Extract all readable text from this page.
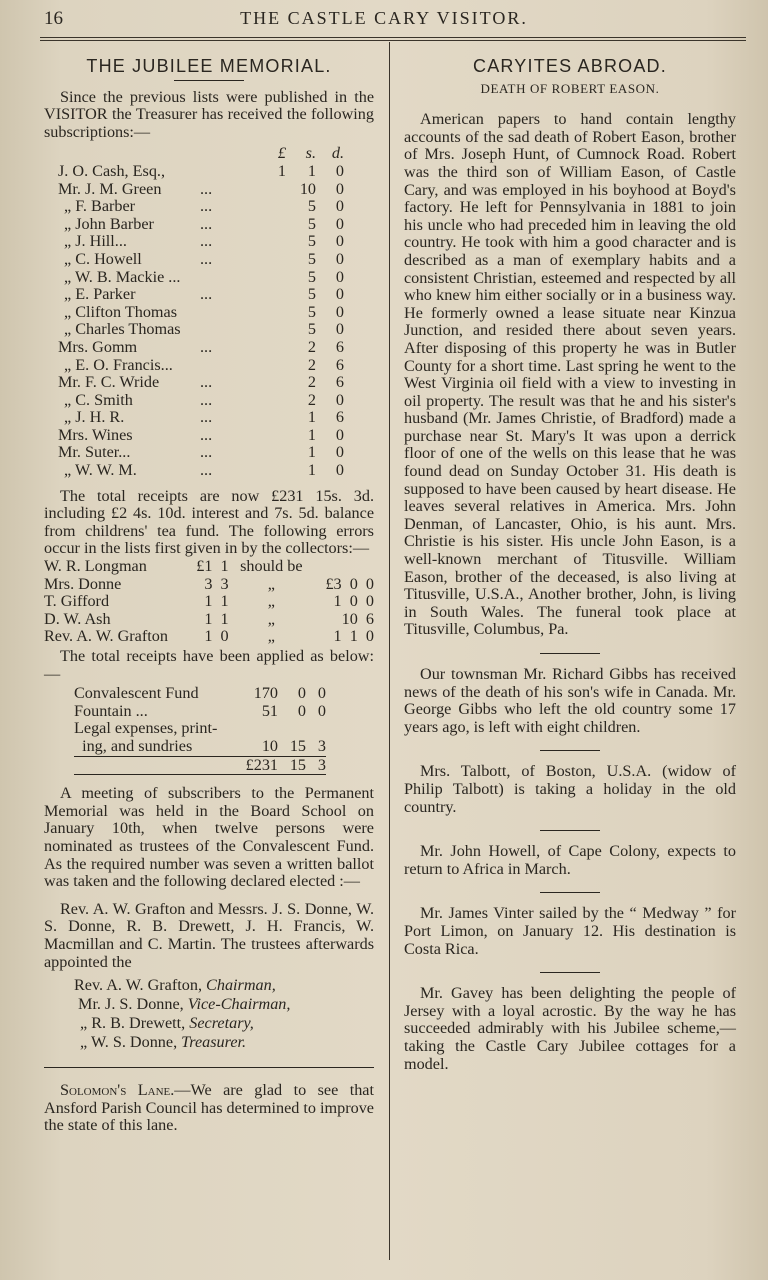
16	THE CASTLE CARY VISITOR.
THE JUBILEE MEMORIAL.

Since the previous lists were published in the VISITOR the Treasurer has received the following subscriptions:—

		£	s.	d.
J. O. Cash, Esq.,		1	1	0
Mr. J. M. Green	...		10	0
„ F. Barber	...		5	0
„ John Barber	...		5	0
„ J. Hill...	...		5	0
„ C. Howell	...		5	0
„ W. B. Mackie ...			5	0
„ E. Parker	...		5	0
„ Clifton Thomas			5	0
„ Charles Thomas			5	0
Mrs. Gomm	...		2	6
„ E. O. Francis...			2	6
Mr. F. C. Wride	...		2	6
„ C. Smith	...		2	0
„ J. H. R.	...		1	6
Mrs. Wines	...		1	0
Mr. Suter...	...		1	0
„ W. W. M.	...		1	0

The total receipts are now £231 15s. 3d. including £2 4s. 10d. interest and 7s. 5d. balance from childrens' tea fund. The following errors occur in the lists first given in by the collectors:—

W. R. Longman	£1  1	should be	
Mrs. Donne	3  3	„	£3  0  0
T. Gifford	1  1	„	1  0  0
D. W. Ash	1  1	„	10  6
Rev. A. W. Grafton	1  0	„	1  1  0

The total receipts have been applied as below:—

Convalescent Fund	170	0	0
Fountain ...	51	0	0
Legal expenses, print-			
ing, and sundries	10	15	3
	£231	15	3

A meeting of subscribers to the Permanent Memorial was held in the Board School on January 10th, when twelve persons were nominated as trustees of the Convalescent Fund. As the required number was seven a written ballot was taken and the following declared elected :—

Rev. A. W. Grafton and Messrs. J. S. Donne, W. S. Donne, R. B. Drewett, J. H. Francis, W. Macmillan and C. Martin. The trustees afterwards appointed the

Rev. A. W. Grafton, Chairman,
Mr. J. S. Donne, Vice-Chairman,
„ R. B. Drewett, Secretary,
„ W. S. Donne, Treasurer.

Solomon's Lane.—We are glad to see that Ansford Parish Council has determined to improve the state of this lane.

CARYITES ABROAD.
DEATH OF ROBERT EASON.

American papers to hand contain lengthy accounts of the sad death of Robert Eason, brother of Mrs. Joseph Hunt, of Cumnock Road. Robert was the third son of William Eason, of Castle Cary, and was employed in his boyhood at Boyd's factory. He left for Pennsylvania in 1881 to join his uncle who had preceded him in leaving the old country. He took with him a good character and is described as a man of exemplary habits and a consistent Christian, esteemed and respected by all who knew him either socially or in a business way. He formerly owned a lease situate near Kinzua Junction, and resided there about seven years. After disposing of this property he was in Butler County for a short time. Last spring he went to the West Virginia oil field with a view to investing in oil property. The result was that he and his sister's husband (Mr. James Christie, of Bradford) made a purchase near St. Mary's It was upon a derrick floor of one of the wells on this lease that he was found dead on Sunday October 31. His death is supposed to have been caused by heart disease. He leaves several relatives in America. Mrs. John Denman, of Lancaster, Ohio, is his aunt. Mrs. Christie is his sister. His uncle John Eason, is a well-known merchant of Titusville. William Eason, brother of the deceased, is also living at Titusville, U.S.A., Another brother, John, is living in South Wales. The funeral took place at Titusville, Columbus, Pa.

Our townsman Mr. Richard Gibbs has received news of the death of his son's wife in Canada. Mr. George Gibbs who left the old country some 17 years ago, is left with eight children.

Mrs. Talbott, of Boston, U.S.A. (widow of Philip Talbott) is taking a holiday in the old country.

Mr. John Howell, of Cape Colony, expects to return to Africa in March.

Mr. James Vinter sailed by the “ Medway ” for Port Limon, on January 12. His destination is Costa Rica.

Mr. Gavey has been delighting the people of Jersey with a loyal acrostic. By the way he has succeeded admirably with his Jubilee scheme,—taking the Castle Cary Jubilee cottages for a model.
